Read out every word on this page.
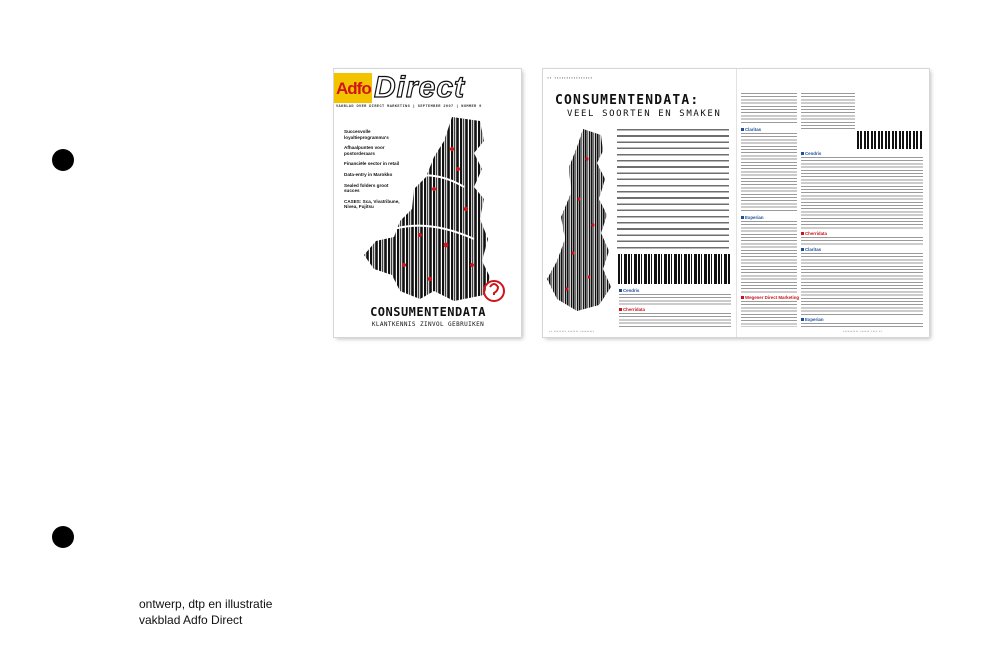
Adfo Direct
VAKBLAD OVER DIRECT MARKETING | SEPTEMBER 2007 | NUMMER 9
Succesvolle loyaltieprogramma's
Afhaalpunten voor postorderaars
Financiële sector in retail
Data-entry in Marokko
Sealed folders groot succes
CASES: Sca, Vivatribune, Nivea, Fujitsu
CONSUMENTENDATA
KLANTKENNIS ZINVOL GEBRUIKEN
▪▪ ▪▪▪▪▪▪▪▪▪▪▪▪▪▪▪▪
CONSUMENTENDATA:
VEEL SOORTEN EN SMAKEN
Cendris
Cherridata
Claritas
Experian
Wegener Direct Marketing
Cendris
Cherridata
Claritas
Experian
▪▪ ▪▪▪▪▪▪▪▪ ▪▪▪▪▪▪▪ ▪▪▪▪▪▪▪▪▪	▪▪▪▪▪▪▪▪▪▪ ▪▪▪▪▪▪ ▪▪▪▪ ▪▪
ontwerp, dtp en illustratie
vakblad Adfo Direct
